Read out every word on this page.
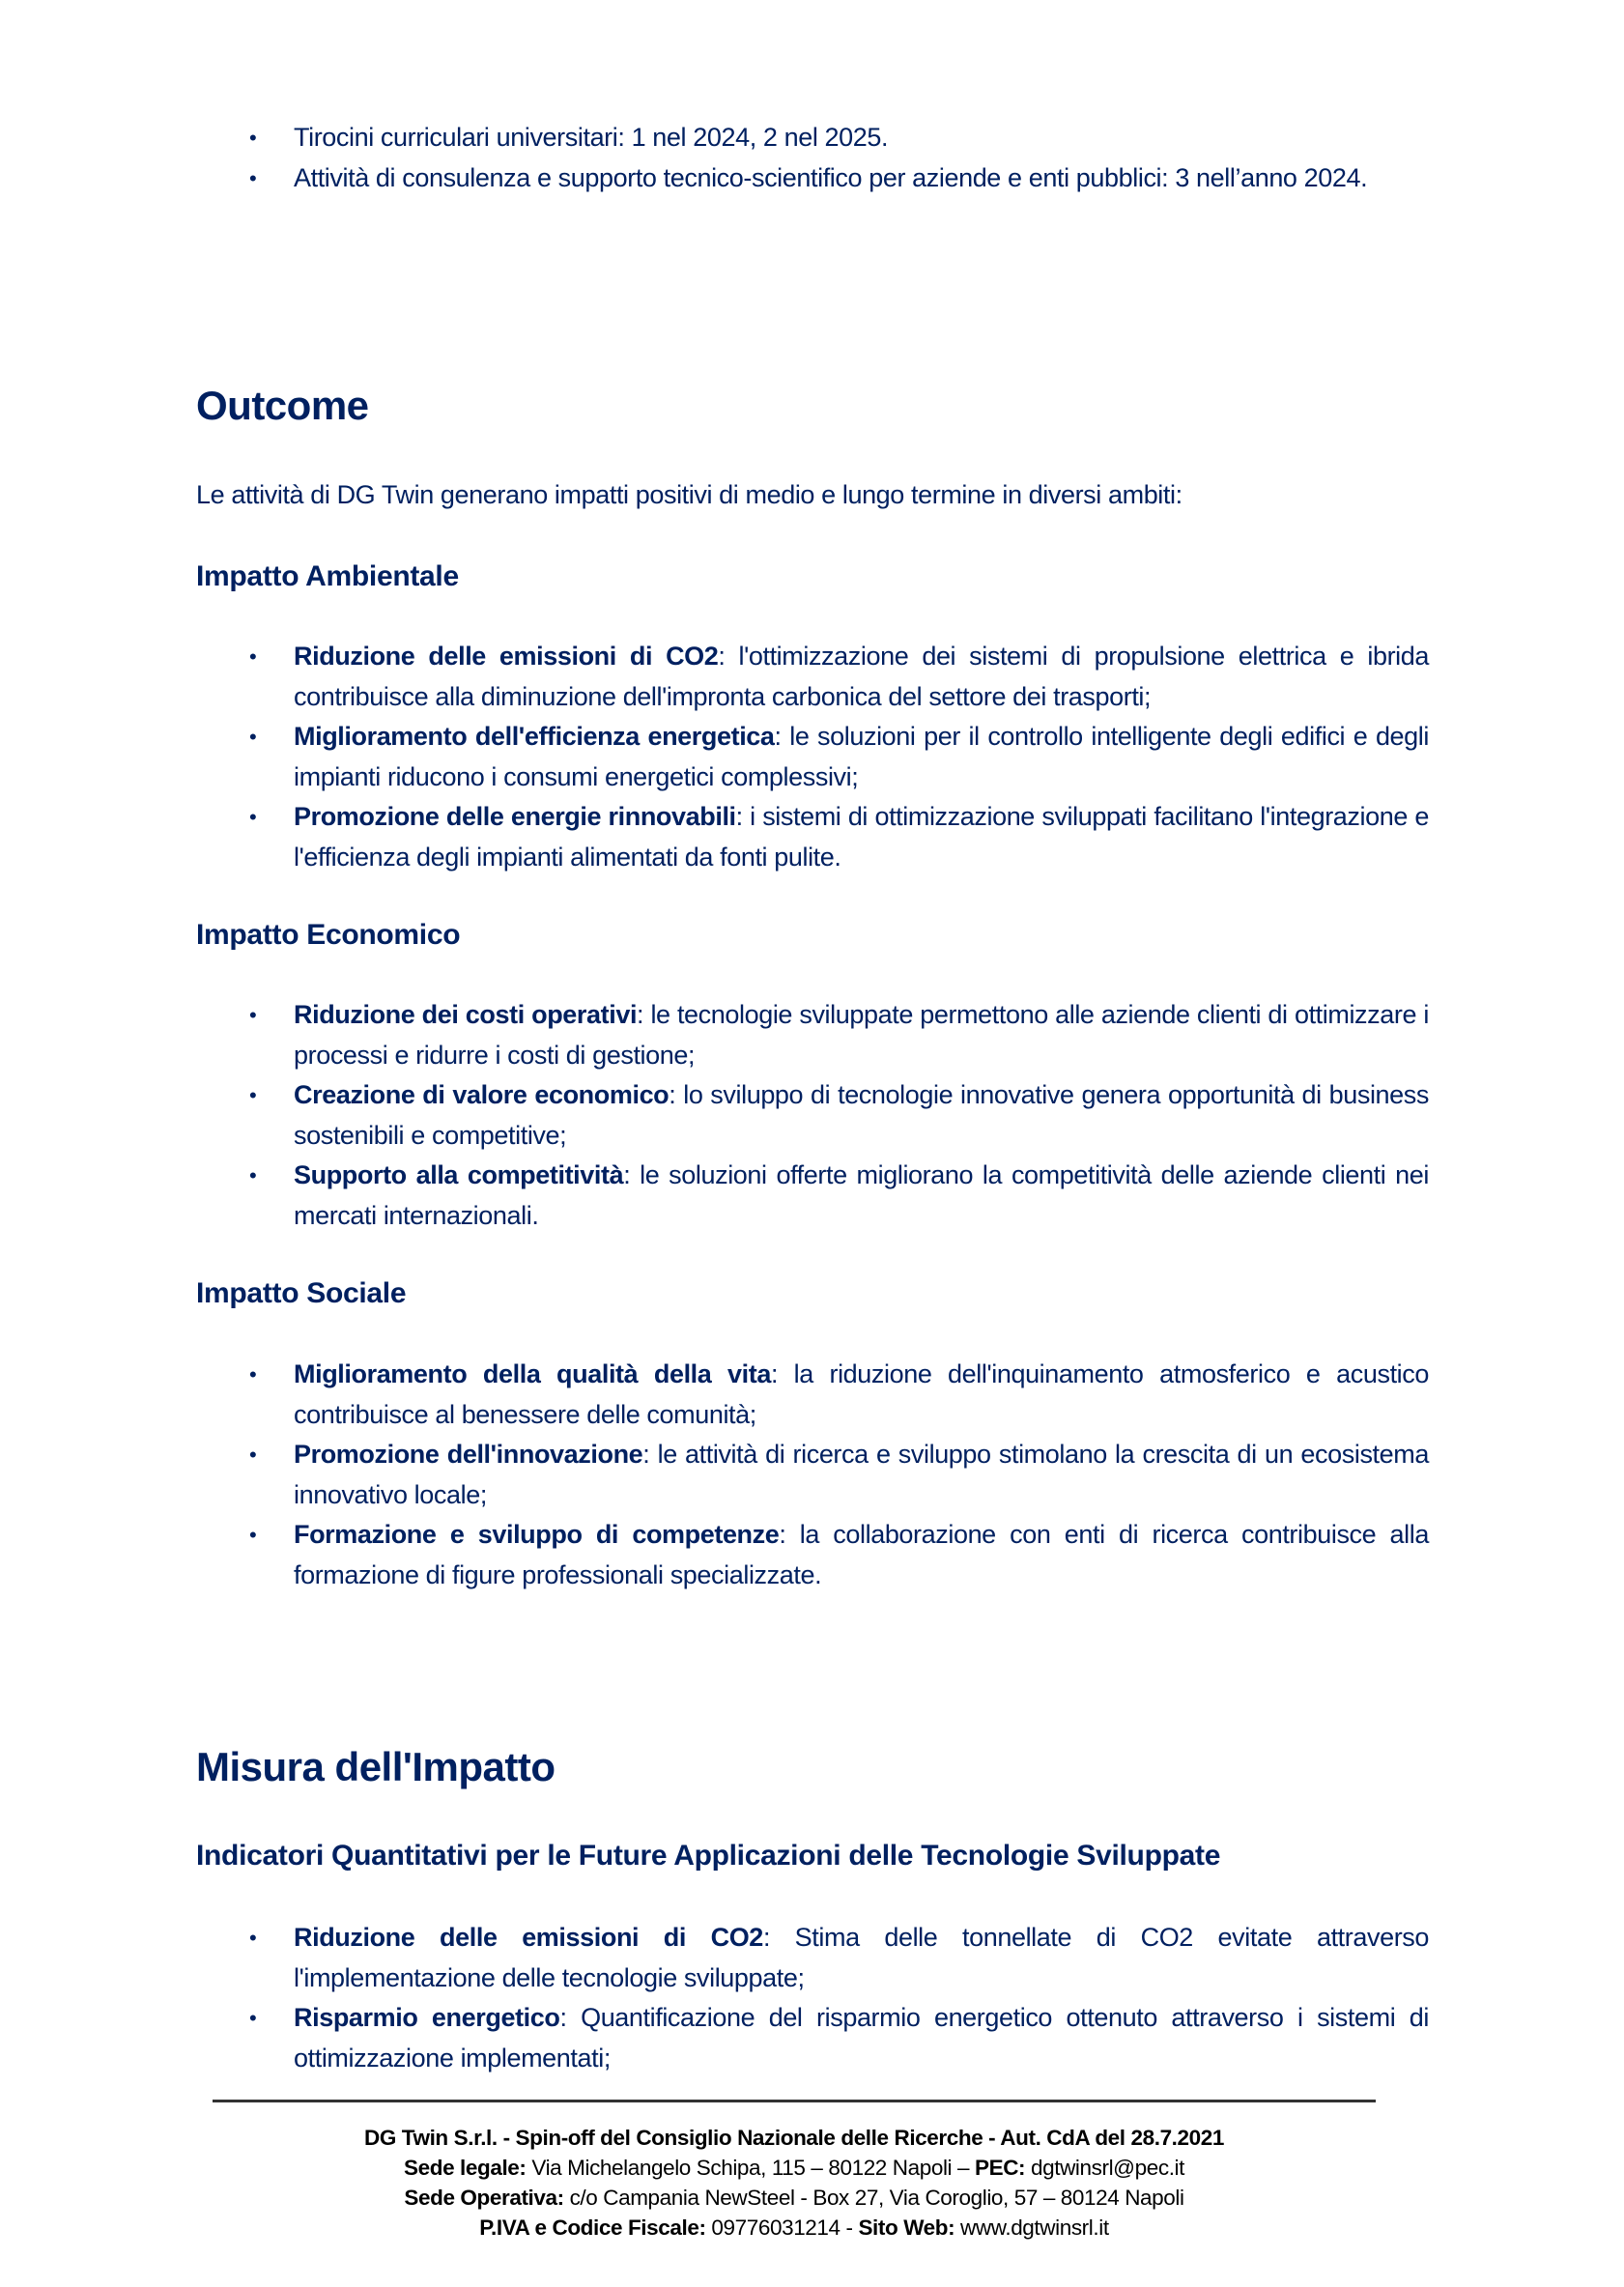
• Tirocini curriculari universitari: 1 nel 2024, 2 nel 2025.
• Attività di consulenza e supporto tecnico-scientifico per aziende e enti pubblici: 3 nell’anno 2024.
Outcome
Le attività di DG Twin generano impatti positivi di medio e lungo termine in diversi ambiti:
Impatto Ambientale
• Riduzione delle emissioni di CO2: l'ottimizzazione dei sistemi di propulsione elettrica e ibrida contribuisce alla diminuzione dell'impronta carbonica del settore dei trasporti;
• Miglioramento dell'efficienza energetica: le soluzioni per il controllo intelligente degli edifici e degli impianti riducono i consumi energetici complessivi;
• Promozione delle energie rinnovabili: i sistemi di ottimizzazione sviluppati facilitano l'integrazione e l'efficienza degli impianti alimentati da fonti pulite.
Impatto Economico
• Riduzione dei costi operativi: le tecnologie sviluppate permettono alle aziende clienti di ottimizzare i processi e ridurre i costi di gestione;
• Creazione di valore economico: lo sviluppo di tecnologie innovative genera opportunità di business sostenibili e competitive;
• Supporto alla competitività: le soluzioni offerte migliorano la competitività delle aziende clienti nei mercati internazionali.
Impatto Sociale
• Miglioramento della qualità della vita: la riduzione dell'inquinamento atmosferico e acustico contribuisce al benessere delle comunità;
• Promozione dell'innovazione: le attività di ricerca e sviluppo stimolano la crescita di un ecosistema innovativo locale;
• Formazione e sviluppo di competenze: la collaborazione con enti di ricerca contribuisce alla formazione di figure professionali specializzate.
Misura dell'Impatto
Indicatori Quantitativi per le Future Applicazioni delle Tecnologie Sviluppate
• Riduzione delle emissioni di CO2: Stima delle tonnellate di CO2 evitate attraverso l'implementazione delle tecnologie sviluppate;
• Risparmio energetico: Quantificazione del risparmio energetico ottenuto attraverso i sistemi di ottimizzazione implementati;
DG Twin S.r.l. - Spin-off del Consiglio Nazionale delle Ricerche - Aut. CdA del 28.7.2021
Sede legale: Via Michelangelo Schipa, 115 – 80122 Napoli – PEC: dgtwinsrl@pec.it
Sede Operativa: c/o Campania NewSteel - Box 27, Via Coroglio, 57 – 80124 Napoli
P.IVA e Codice Fiscale: 09776031214 - Sito Web: www.dgtwinsrl.it
